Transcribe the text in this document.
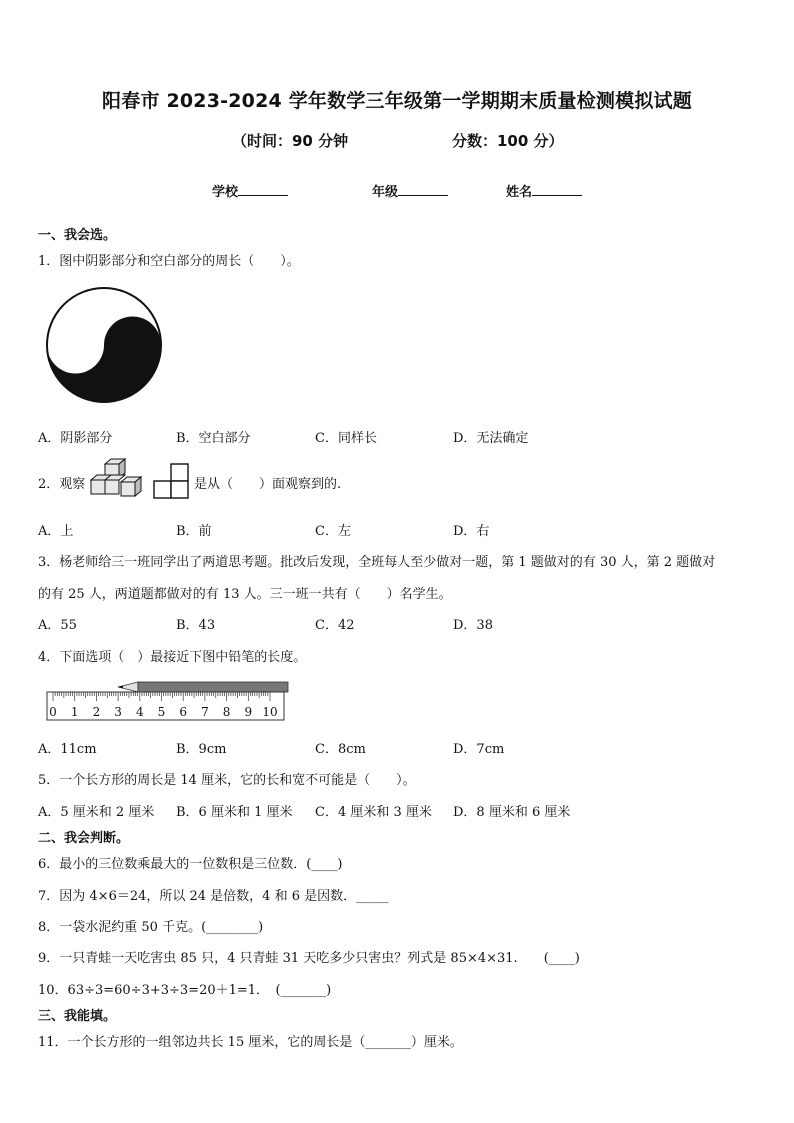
阳春市 2023-2024 学年数学三年级第一学期期末质量检测模拟试题
（时间：90 分钟	分数：100 分）
学校	年级	姓名
一、我会选。
1．图中阴影部分和空白部分的周长（　　）。
A．阴影部分	B．空白部分	C．同样长	D．无法确定
2．观察	是从（　　）面观察到的.
A．上	B．前	C．左	D．右
3．杨老师给三一班同学出了两道思考题。批改后发现，全班每人至少做对一题，第 1 题做对的有 30 人，第 2 题做对
的有 25 人，两道题都做对的有 13 人。三一班一共有（　　）名学生。
A．55	B．43	C．42	D．38
4．下面选项（　）最接近下图中铅笔的长度。
0 1 2 3 4 5 6 7 8 9 10
A．11cm	B．9cm	C．8cm	D．7cm
5．一个长方形的周长是 14 厘米，它的长和宽不可能是（　　）。
A．5 厘米和 2 厘米 B．6 厘米和 1 厘米 C．4 厘米和 3 厘米 D．8 厘米和 6 厘米
二、我会判断。
6．最小的三位数乘最大的一位数积是三位数．(____)
7．因为 4×6＝24，所以 24 是倍数，4 和 6 是因数．_____
8．一袋水泥约重 50 千克。(________)
9．一只青蛙一天吃害虫 85 只，4 只青蛙 31 天吃多少只害虫？列式是 85×4×31.　　(____)
10．63÷3=60÷3+3÷3=20＋1=1．　(_______)
三、我能填。
11．一个长方形的一组邻边共长 15 厘米，它的周长是（_______）厘米。
